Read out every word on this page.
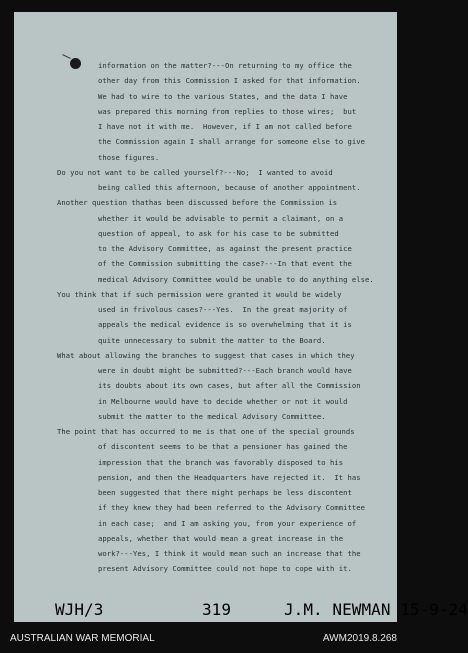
information on the matter?---On returning to my office the
other day from this Commission I asked for that information.
We had to wire to the various States, and the data I have
was prepared this morning from replies to those wires;  but
I have not it with me.  However, if I am not called before
the Commission again I shall arrange for someone else to give
those figures.
Do you not want to be called yourself?---No;  I wanted to avoid
being called this afternoon, because of another appointment.
Another question thathas been discussed before the Commission is
whether it would be advisable to permit a claimant, on a
question of appeal, to ask for his case to be submitted
to the Advisory Committee, as against the present practice
of the Commission submitting the case?---In that event the
medical Advisory Committee would be unable to do anything else.
You think that if such permission were granted it would be widely
used in frivolous cases?---Yes.  In the great majority of
appeals the medical evidence is so overwhelming that it is
quite unnecessary to submit the matter to the Board.
What about allowing the branches to suggest that cases in which they
were in doubt might be submitted?---Each branch would have
its doubts about its own cases, but after all the Commission
in Melbourne would have to decide whether or not it would
submit the matter to the medical Advisory Committee.
The point that has occurred to me is that one of the special grounds
of discontent seems to be that a pensioner has gained the
impression that the branch was favorably disposed to his
pension, and then the Headquarters have rejected it.  It has
been suggested that there might perhaps be less discontent
if they knew they had been referred to the Advisory Committee
in each case;  and I am asking you, from your experience of
appeals, whether that would mean a great increase in the
work?---Yes, I think it would mean such an increase that the
present Advisory Committee could not hope to cope with it.
WJH/3	319	J.M. NEWMAN 15-9-24
AUSTRALIAN WAR MEMORIAL	AWM2019.8.268
